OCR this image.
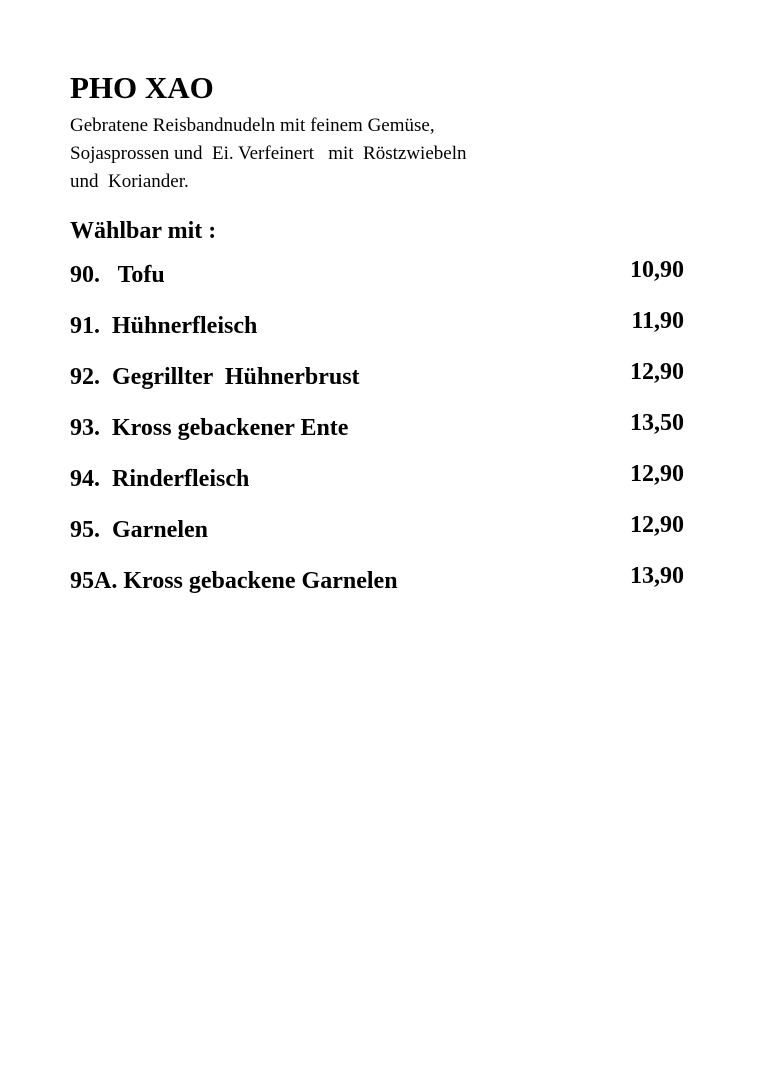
PHO XAO

Gebratene Reisbandnudeln mit feinem Gemüse,
Sojasprossen und  Ei. Verfeinert   mit  Röstzwiebeln
und  Koriander.

Wählbar mit :
90.   Tofu	10,90
91.  Hühnerfleisch	11,90
92.  Gegrillter  Hühnerbrust	12,90
93.  Kross gebackener Ente	13,50
94.  Rinderfleisch	12,90
95.  Garnelen	12,90
95A. Kross gebackene Garnelen	13,90
